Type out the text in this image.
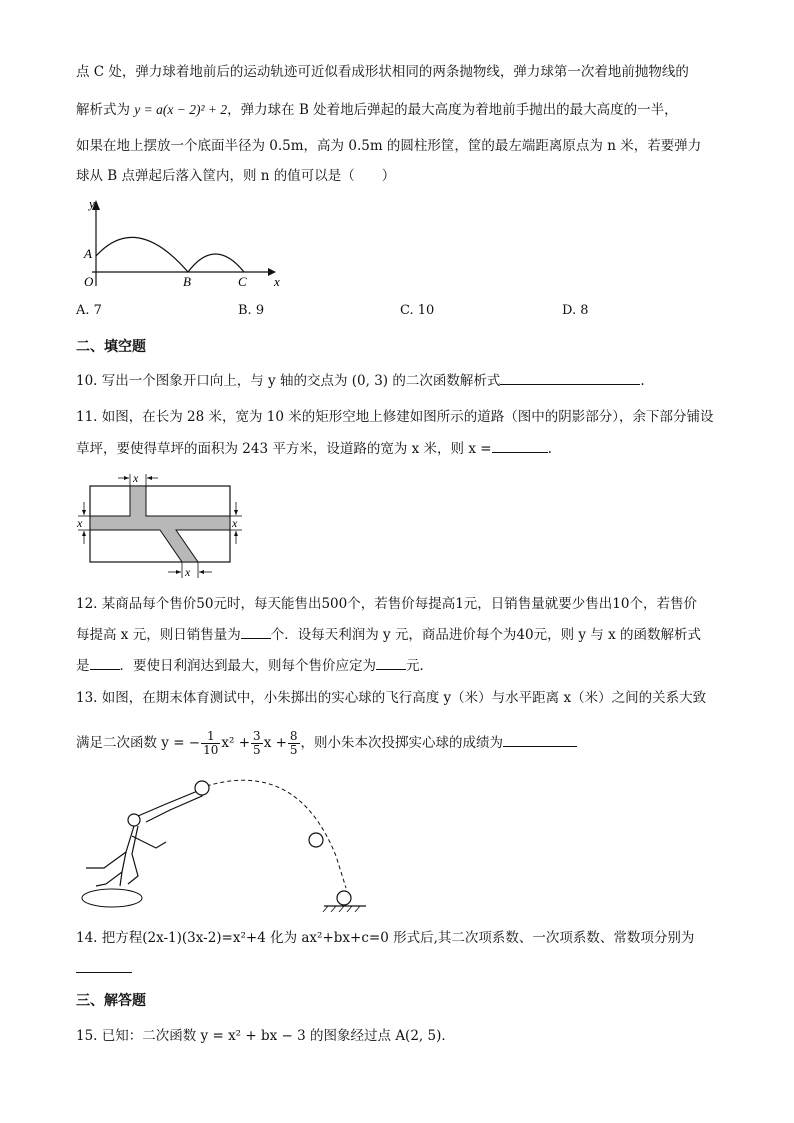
点 C 处，弹力球着地前后的运动轨迹可近似看成形状相同的两条抛物线，弹力球第一次着地前抛物线的
解析式为 y = a(x − 2)² + 2，弹力球在 B 处着地后弹起的最大高度为着地前手抛出的最大高度的一半，
如果在地上摆放一个底面半径为 0.5m，高为 0.5m 的圆柱形筐，筐的最左端距离原点为 n 米，若要弹力
球从 B 点弹起后落入筐内，则 n 的值可以是（　　）
y
x
A
O	B	C
A. 7	B. 9	C. 10	D. 8
二、填空题
10. 写出一个图象开口向上，与 y 轴的交点为 (0, 3) 的二次函数解析式	.
11. 如图，在长为 28 米，宽为 10 米的矩形空地上修建如图所示的道路（图中的阴影部分），余下部分铺设
草坪，要使得草坪的面积为 243 平方米，设道路的宽为 x 米，则 x =	.
x
x	x
x
12. 某商品每个售价50元时，每天能售出500个，若售价每提高1元，日销售量就要少售出10个，若售价
每提高 x 元，则日销售量为 个．设每天利润为 y 元，商品进价每个为40元，则 y 与 x 的函数解析式
是 ．要使日利润达到最大，则每个售价应定为 元．
13. 如图，在期末体育测试中，小朱掷出的实心球的飞行高度 y（米）与水平距离 x（米）之间的关系大致
满足二次函数 y = − $\frac{1}{10} x^2 + \frac{3}{5}$ $x + \frac{8}{5}$ ，则小朱本次投掷实心球的成绩为
14. 把方程(2x-1)(3x-2)=x²+4 化为 ax²+bx+c=0 形式后,其二次项系数、一次项系数、常数项分别为
三、解答题
15. 已知：二次函数 y = x² + bx − 3 的图象经过点 A(2, 5)．
